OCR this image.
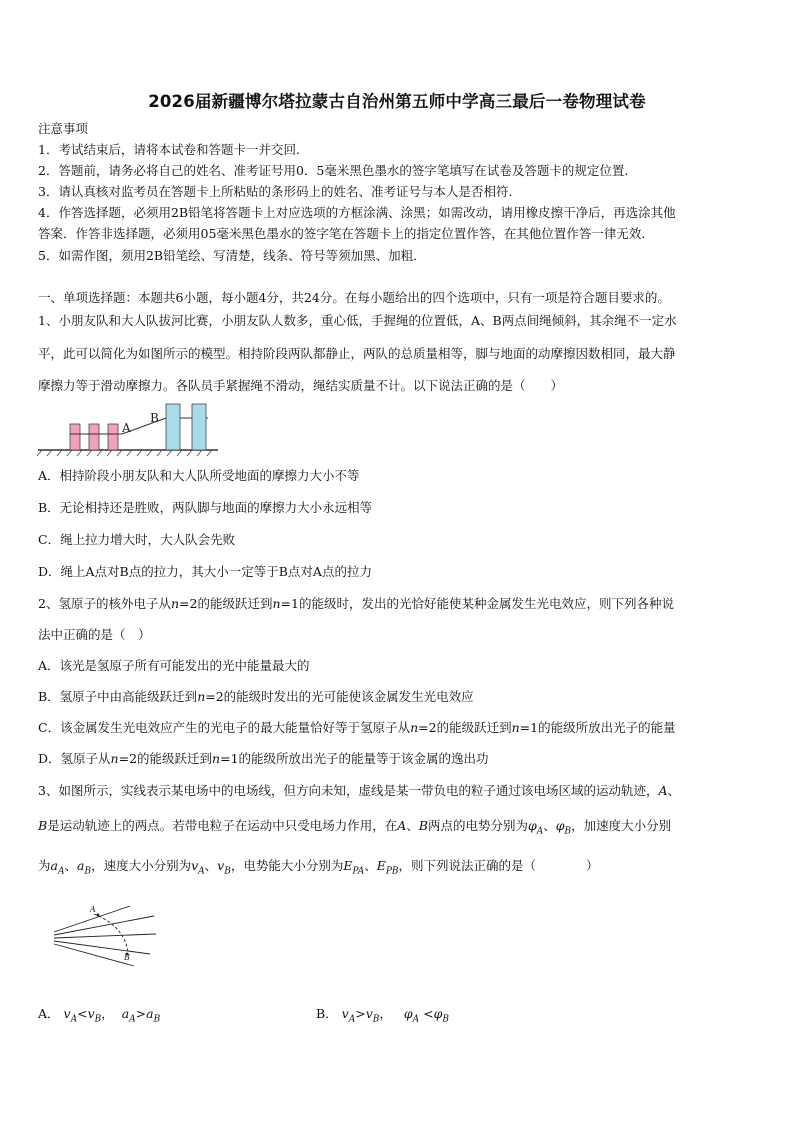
2026届新疆博尔塔拉蒙古自治州第五师中学高三最后一卷物理试卷
注意事项
1．考试结束后，请将本试卷和答题卡一并交回.
2．答题前，请务必将自己的姓名、准考证号用0．5毫米黑色墨水的签字笔填写在试卷及答题卡的规定位置.
3．请认真核对监考员在答题卡上所粘贴的条形码上的姓名、准考证号与本人是否相符.
4．作答选择题，必须用2B铅笔将答题卡上对应选项的方框涂满、涂黑；如需改动，请用橡皮擦干净后，再选涂其他
答案．作答非选择题，必须用05毫米黑色墨水的签字笔在答题卡上的指定位置作答，在其他位置作答一律无效．
5．如需作图，须用2B铅笔绘、写清楚，线条、符号等须加黑、加粗．
一、单项选择题：本题共6小题，每小题4分，共24分。在每小题给出的四个选项中，只有一项是符合题目要求的。
1、小朋友队和大人队拔河比赛，小朋友队人数多，重心低，手握绳的位置低，A、B两点间绳倾斜，其余绳不一定水
平，此可以简化为如图所示的模型。相持阶段两队都静止，两队的总质量相等，脚与地面的动摩擦因数相同，最大静
摩擦力等于滑动摩擦力。各队员手紧握绳不滑动，绳结实质量不计。以下说法正确的是（　　）
A
B
A．相持阶段小朋友队和大人队所受地面的摩擦力大小不等
B．无论相持还是胜败，两队脚与地面的摩擦力大小永远相等
C．绳上拉力增大时，大人队会先败
D．绳上A点对B点的拉力，其大小一定等于B点对A点的拉力
2、氢原子的核外电子从n=2的能级跃迁到n=1的能级时，发出的光恰好能使某种金属发生光电效应，则下列各种说
法中正确的是（　）
A．该光是氢原子所有可能发出的光中能量最大的
B．氢原子中由高能级跃迁到n=2的能级时发出的光可能使该金属发生光电效应
C．该金属发生光电效应产生的光电子的最大能量恰好等于氢原子从n=2的能级跃迁到n=1的能级所放出光子的能量
D．氢原子从n=2的能级跃迁到n=1的能级所放出光子的能量等于该金属的逸出功
3、如图所示，实线表示某电场中的电场线，但方向未知，虚线是某一带负电的粒子通过该电场区域的运动轨迹，A、
B是运动轨迹上的两点。若带电粒子在运动中只受电场力作用，在A、B两点的电势分别为$\varphi_A$、$\varphi_B$，加速度大小分别
为$a_A$、$a_B$，速度大小分别为$v_A$、$v_B$，电势能大小分别为$E_{PA}$、$E_{PB}$，则下列说法正确的是（　　　　）
A
B
A． $v_A<v_B$， $a_A>a_B$	B． $v_A>v_B$， $\varphi_A <\varphi_B$
